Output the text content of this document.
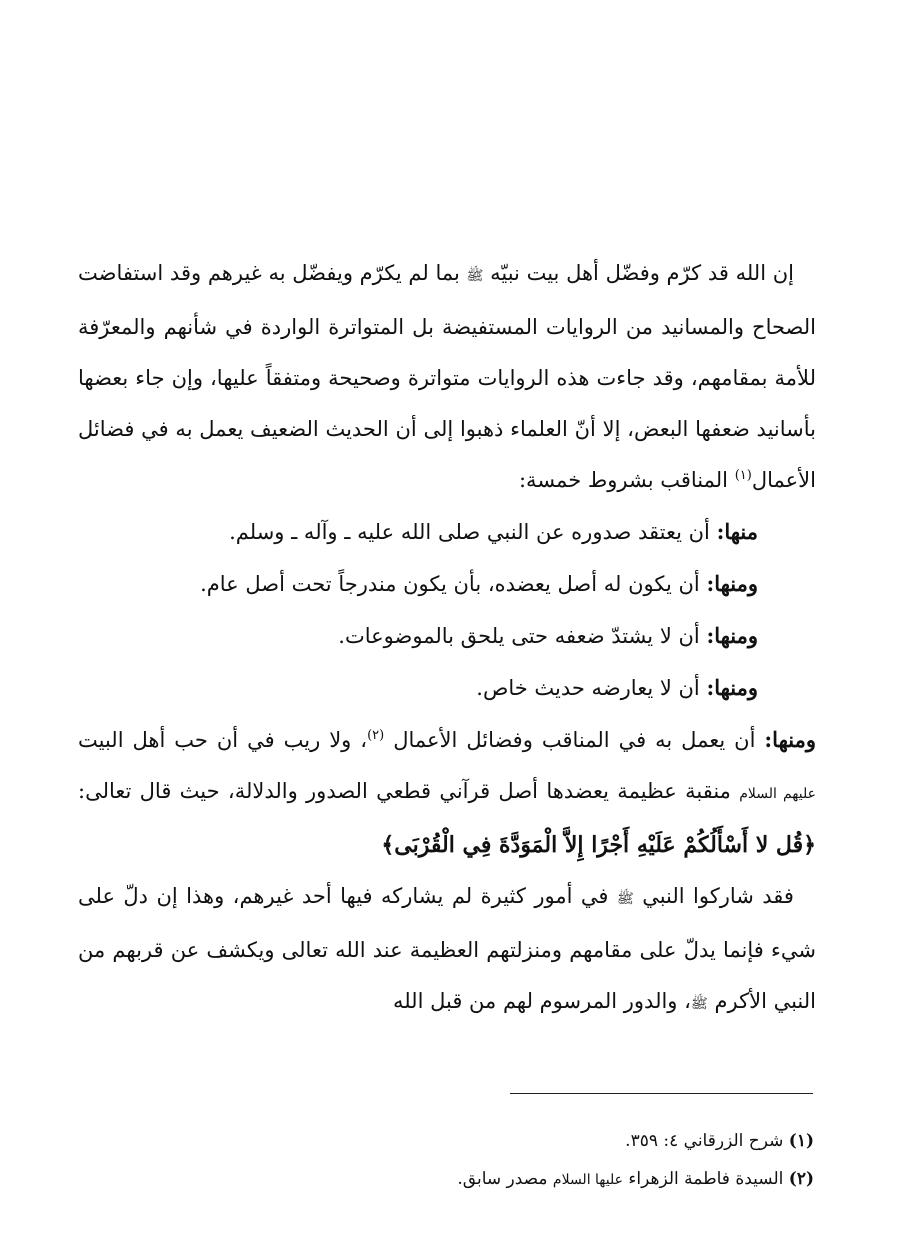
إن الله قد كرّم وفضّل أهل بيت نبيّه ﷺ بما لم يكرّم ويفضّل به غيرهم وقد استفاضت الصحاح والمسانيد من الروايات المستفيضة بل المتواترة الواردة في شأنهم والمعرّفة للأمة بمقامهم، وقد جاءت هذه الروايات متواترة وصحيحة ومتفقاً عليها، وإن جاء بعضها بأسانيد ضعفها البعض، إلا أنّ العلماء ذهبوا إلى أن الحديث الضعيف يعمل به في فضائل الأعمال$^{(١)}$ المناقب بشروط خمسة:

منها: أن يعتقد صدوره عن النبي صلى الله عليه ـ وآله ـ وسلم.

ومنها: أن يكون له أصل يعضده، بأن يكون مندرجاً تحت أصل عام.

ومنها: أن لا يشتدّ ضعفه حتى يلحق بالموضوعات.

ومنها: أن لا يعارضه حديث خاص.

ومنها: أن يعمل به في المناقب وفضائل الأعمال $^{(٢)}$، ولا ريب في أن حب أهل البيت عليهم السلام منقبة عظيمة يعضدها أصل قرآني قطعي الصدور والدلالة، حيث قال تعالى: ﴿قُل لا أَسْأَلُكُمْ عَلَيْهِ أَجْرًا إِلاَّ الْمَوَدَّةَ فِي الْقُرْبَى﴾

فقد شاركوا النبي ﷺ في أمور كثيرة لم يشاركه فيها أحد غيرهم، وهذا إن دلّ على شيء فإنما يدلّ على مقامهم ومنزلتهم العظيمة عند الله تعالى ويكشف عن قربهم من النبي الأكرم ﷺ، والدور المرسوم لهم من قبل الله

(١) شرح الزرقاني ٤: ٣٥٩.

(٢) السيدة فاطمة الزهراء عليها السلام مصدر سابق.
